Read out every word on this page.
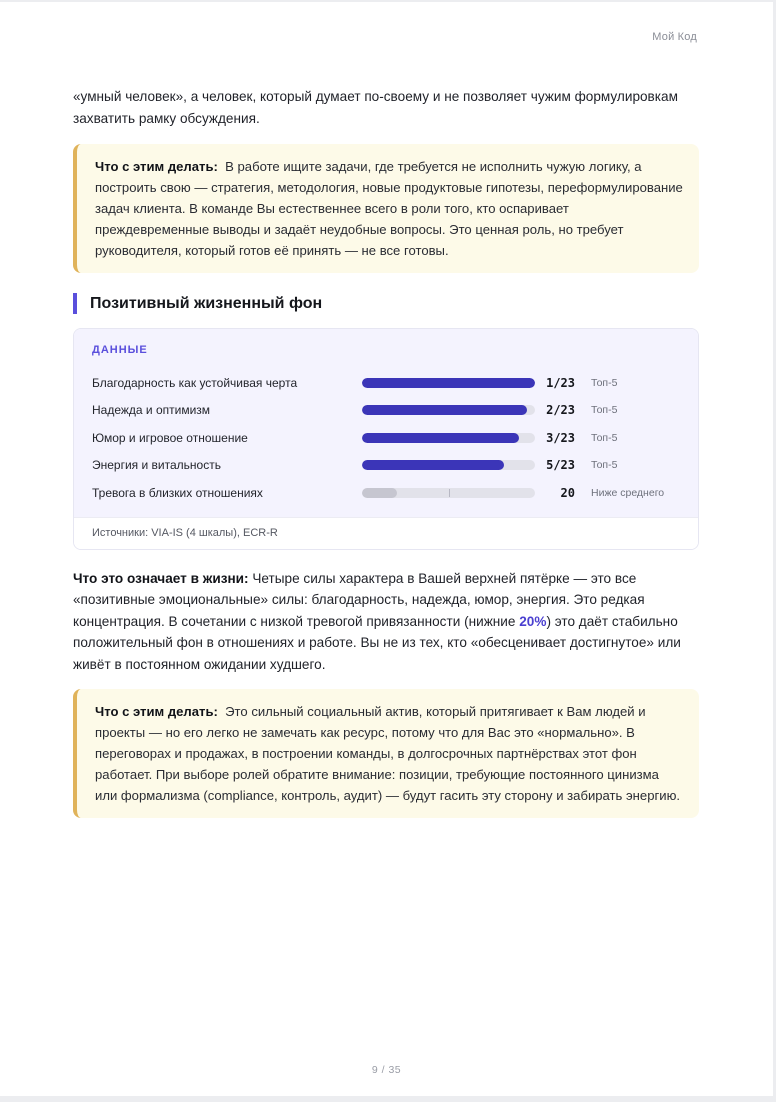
Мой Код

«умный человек», а человек, который думает по-своему и не позволяет чужим формулировкам захватить рамку обсуждения.

Что с этим делать: В работе ищите задачи, где требуется не исполнить чужую логику, а построить свою — стратегия, методология, новые продуктовые гипотезы, переформулирование задач клиента. В команде Вы естественнее всего в роли того, кто оспаривает преждевременные выводы и задаёт неудобные вопросы. Это ценная роль, но требует руководителя, который готов её принять — не все готовы.
Позитивный жизненный фон
ДАННЫЕ
Благодарность как устойчивая черта	1/23 Топ-5
Надежда и оптимизм	2/23 Топ-5
Юмор и игровое отношение	3/23 Топ-5
Энергия и витальность	5/23 Топ-5
Тревога в близких отношениях	20 Ниже среднего
Источники: VIA-IS (4 шкалы), ECR-R

Что это означает в жизни: Четыре силы характера в Вашей верхней пятёрке — это все «позитивные эмоциональные» силы: благодарность, надежда, юмор, энергия. Это редкая концентрация. В сочетании с низкой тревогой привязанности (нижние 20%) это даёт стабильно положительный фон в отношениях и работе. Вы не из тех, кто «обесценивает достигнутое» или живёт в постоянном ожидании худшего.

Что с этим делать: Это сильный социальный актив, который притягивает к Вам людей и проекты — но его легко не замечать как ресурс, потому что для Вас это «нормально». В переговорах и продажах, в построении команды, в долгосрочных партнёрствах этот фон работает. При выборе ролей обратите внимание: позиции, требующие постоянного цинизма или формализма (compliance, контроль, аудит) — будут гасить эту сторону и забирать энергию.
9 / 35
